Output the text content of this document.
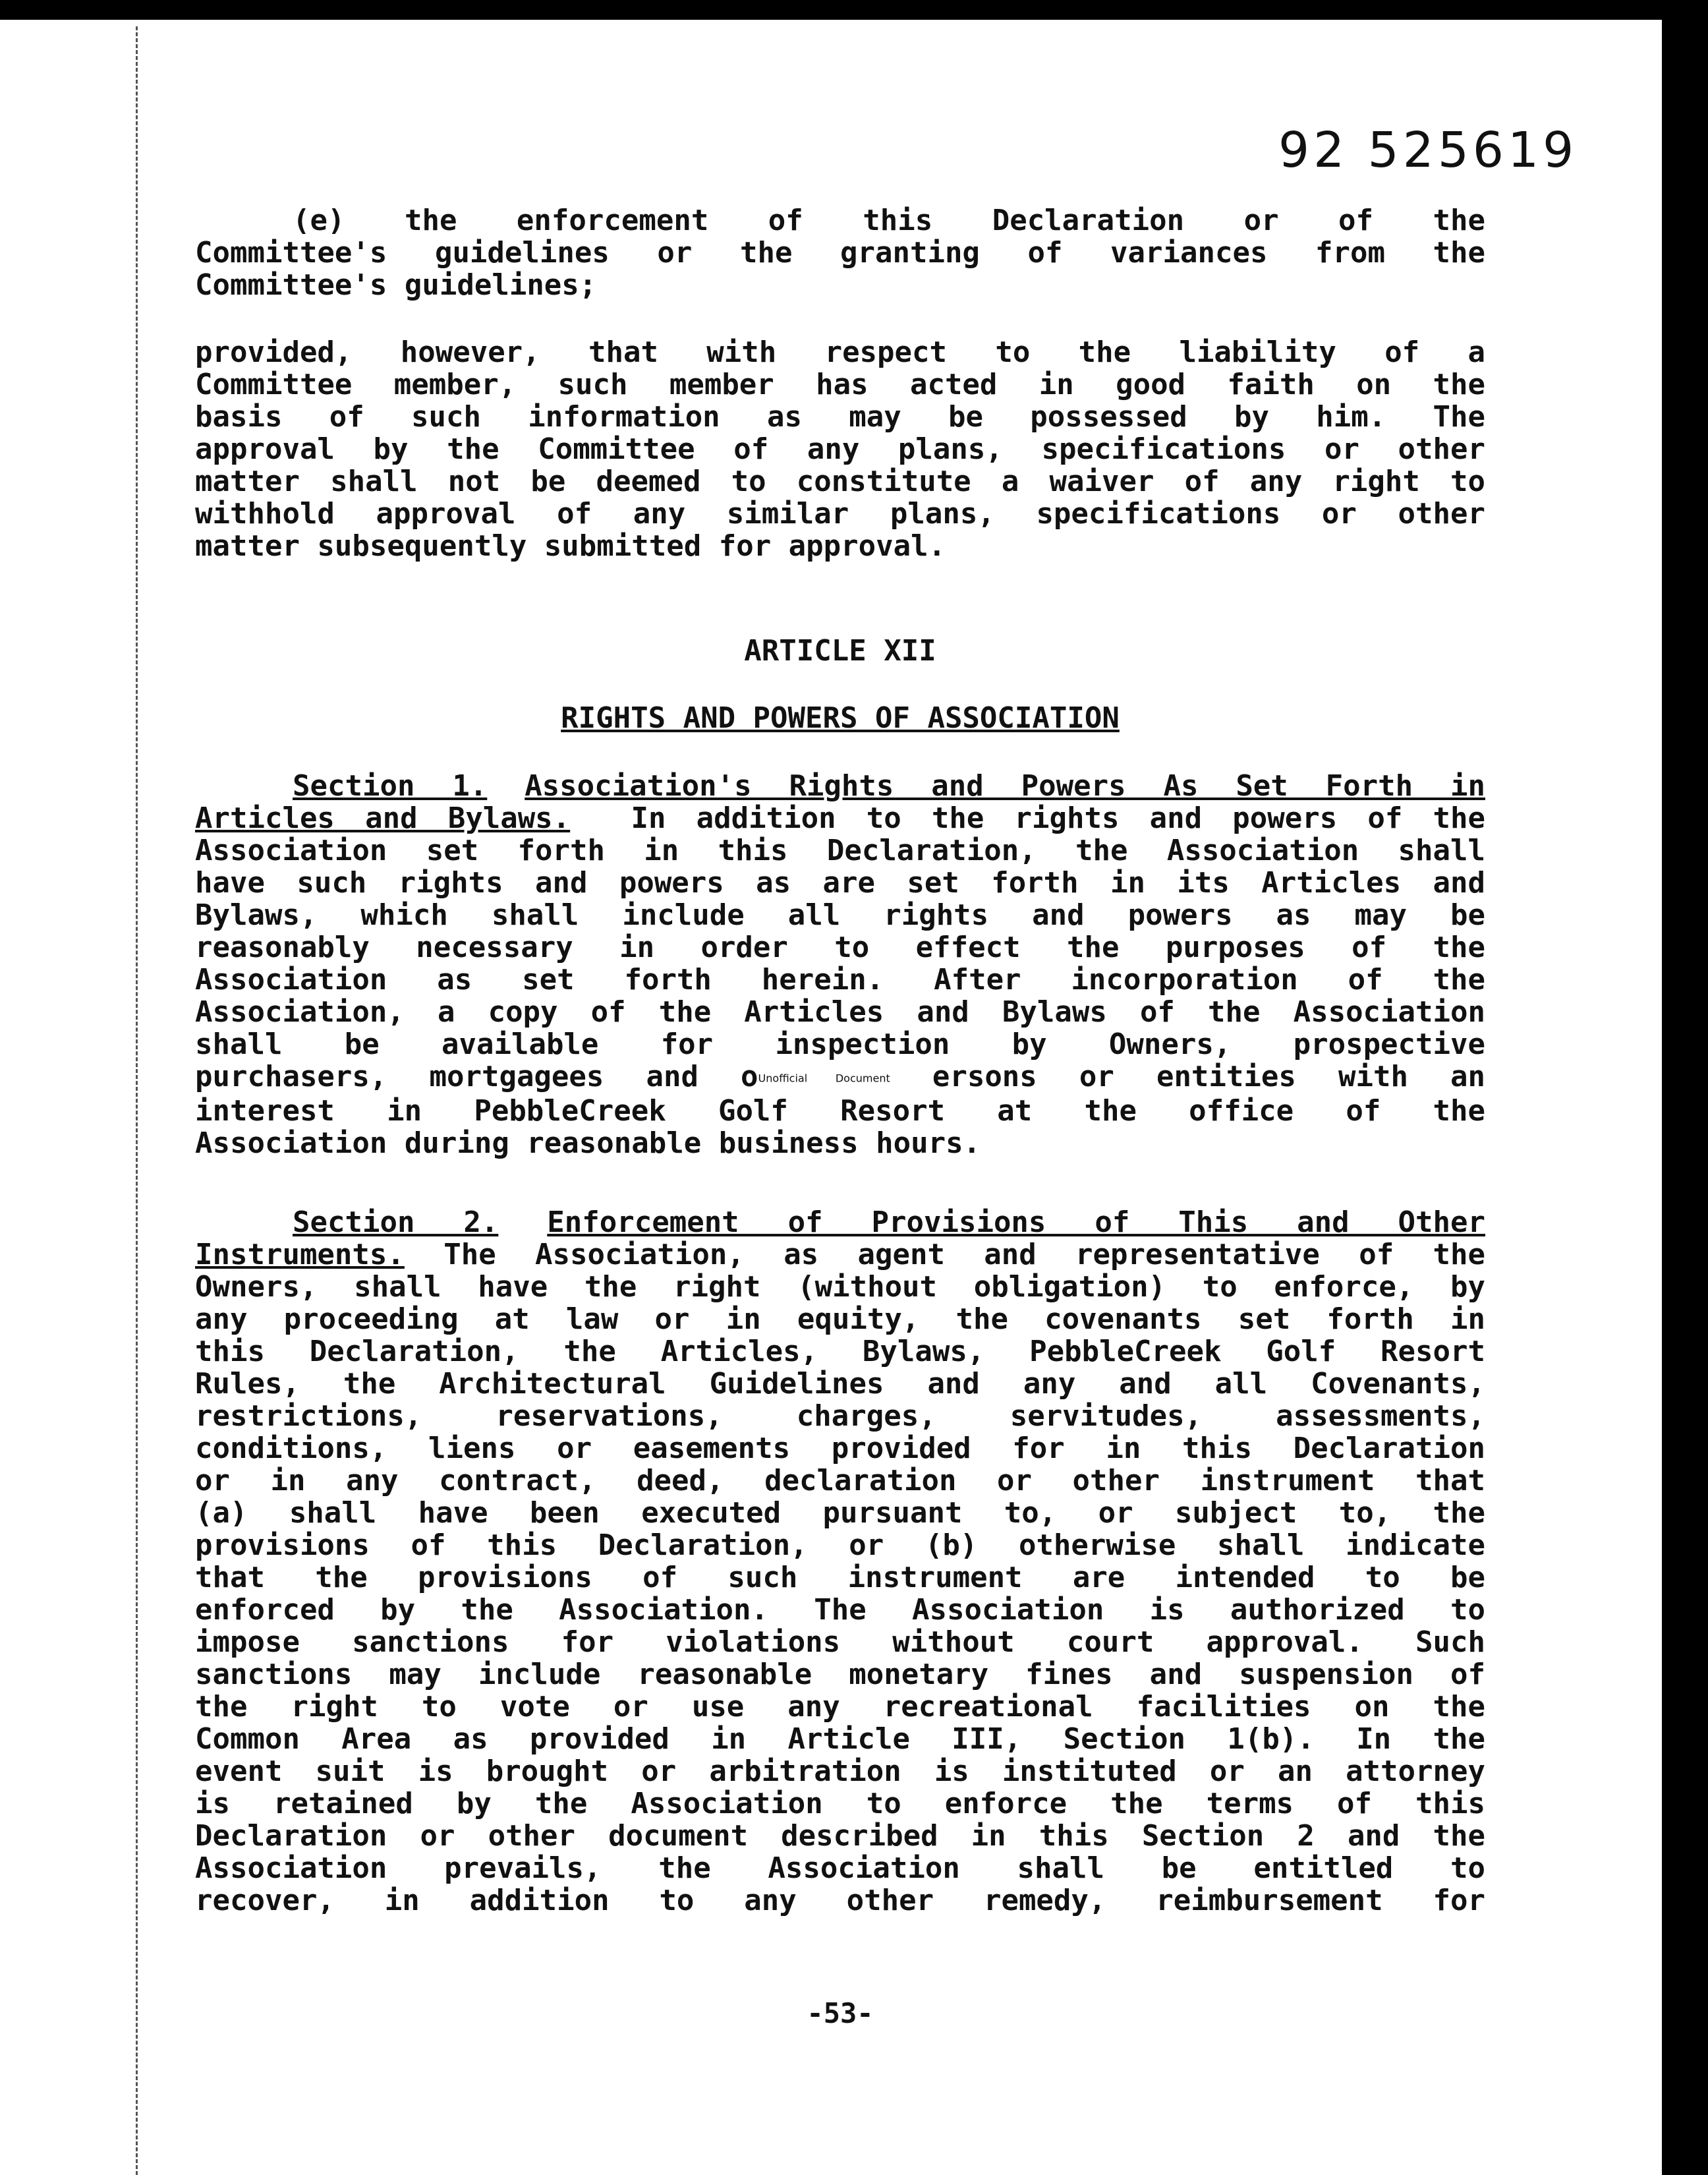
92 525619
(e) the enforcement of this Declaration or of the
Committee's guidelines or the granting of variances from the
Committee's guidelines;
provided, however, that with respect to the liability of a
Committee member, such member has acted in good faith on the
basis of such information as may be possessed by him. The
approval by the Committee of any plans, specifications or other
matter shall not be deemed to constitute a waiver of any right to
withhold approval of any similar plans, specifications or other
matter subsequently submitted for approval.
ARTICLE XII
RIGHTS AND POWERS OF ASSOCIATION
Section 1. Association's Rights and Powers As Set Forth in
Articles and Bylaws.  In addition to the rights and powers of the
Association set forth in this Declaration, the Association shall
have such rights and powers as are set forth in its Articles and
Bylaws, which shall include all rights and powers as may be
reasonably necessary in order to effect the purposes of the
Association as set forth herein. After incorporation of the
Association, a copy of the Articles and Bylaws of the Association
shall be available for inspection by Owners, prospective
purchasers, mortgagees and oUnofficial Document ersons or entities with an
interest in PebbleCreek Golf Resort at the office of the
Association during reasonable business hours.
Section 2. Enforcement of Provisions of This and Other
Instruments. The Association, as agent and representative of the
Owners, shall have the right (without obligation) to enforce, by
any proceeding at law or in equity, the covenants set forth in
this Declaration, the Articles, Bylaws, PebbleCreek Golf Resort
Rules, the Architectural Guidelines and any and all Covenants,
restrictions, reservations, charges, servitudes, assessments,
conditions, liens or easements provided for in this Declaration
or in any contract, deed, declaration or other instrument that
(a) shall have been executed pursuant to, or subject to, the
provisions of this Declaration, or (b) otherwise shall indicate
that the provisions of such instrument are intended to be
enforced by the Association. The Association is authorized to
impose sanctions for violations without court approval. Such
sanctions may include reasonable monetary fines and suspension of
the right to vote or use any recreational facilities on the
Common Area as provided in Article III, Section 1(b). In the
event suit is brought or arbitration is instituted or an attorney
is retained by the Association to enforce the terms of this
Declaration or other document described in this Section 2 and the
Association prevails, the Association shall be entitled to
recover, in addition to any other remedy, reimbursement for
-53-
